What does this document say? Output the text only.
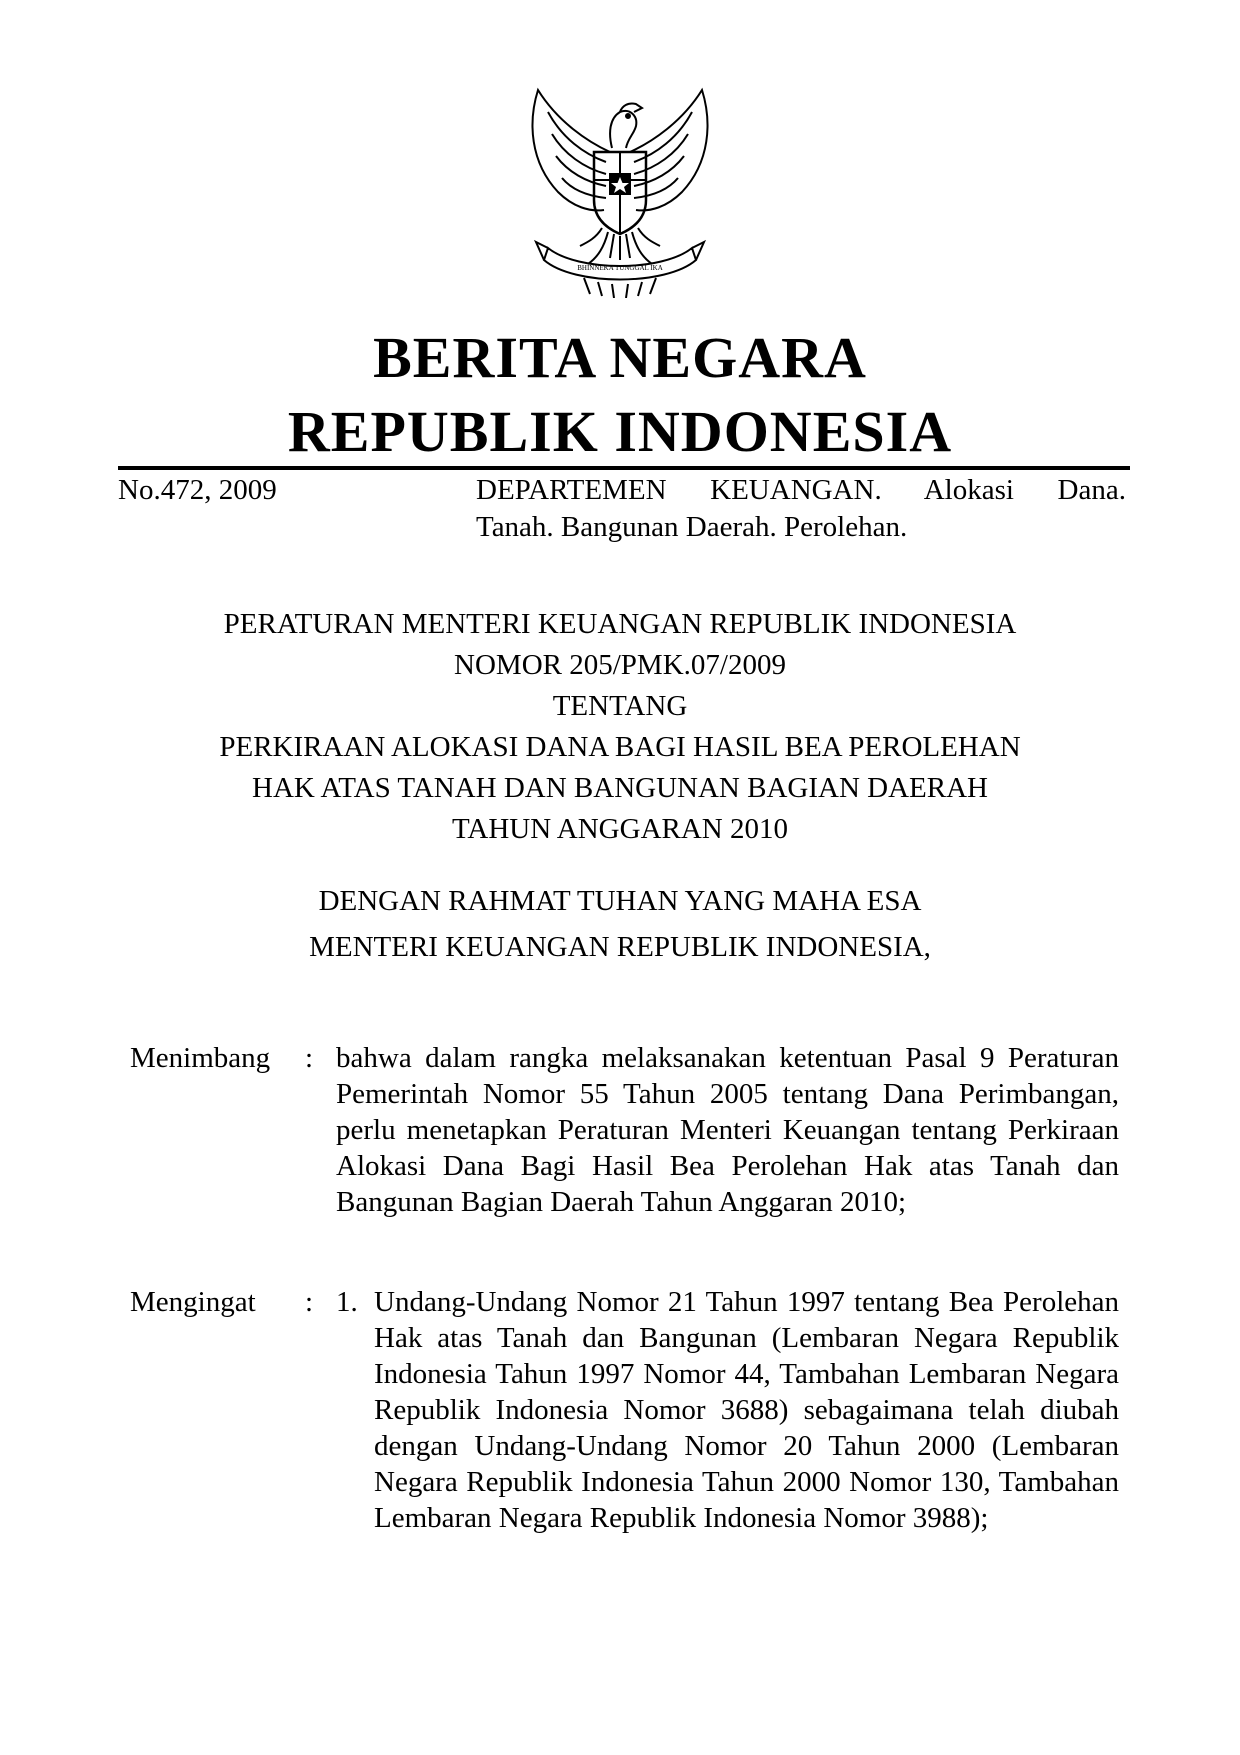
BHINNEKA TUNGGAL IKA
BERITA NEGARA
REPUBLIK INDONESIA
No.472, 2009	DEPARTEMEN KEUANGAN. Alokasi Dana.
Tanah. Bangunan Daerah. Perolehan.
PERATURAN MENTERI KEUANGAN REPUBLIK INDONESIA
NOMOR 205/PMK.07/2009
TENTANG
PERKIRAAN ALOKASI DANA BAGI HASIL BEA PEROLEHAN
HAK ATAS TANAH DAN BANGUNAN BAGIAN DAERAH
TAHUN ANGGARAN 2010
DENGAN RAHMAT TUHAN YANG MAHA ESA
MENTERI KEUANGAN REPUBLIK INDONESIA,
Menimbang : bahwa dalam rangka melaksanakan ketentuan Pasal 9 Peraturan Pemerintah Nomor 55 Tahun 2005 tentang Dana Perimbangan, perlu menetapkan Peraturan Menteri Keuangan tentang Perkiraan Alokasi Dana Bagi Hasil Bea Perolehan Hak atas Tanah dan Bangunan Bagian Daerah Tahun Anggaran 2010;
Mengingat : 1. Undang-Undang Nomor 21 Tahun 1997 tentang Bea Perolehan Hak atas Tanah dan Bangunan (Lembaran Negara Republik Indonesia Tahun 1997 Nomor 44, Tambahan Lembaran Negara Republik Indonesia Nomor 3688) sebagaimana telah diubah dengan Undang-Undang Nomor 20 Tahun 2000 (Lembaran Negara Republik Indonesia Tahun 2000 Nomor 130, Tambahan Lembaran Negara Republik Indonesia Nomor 3988);
